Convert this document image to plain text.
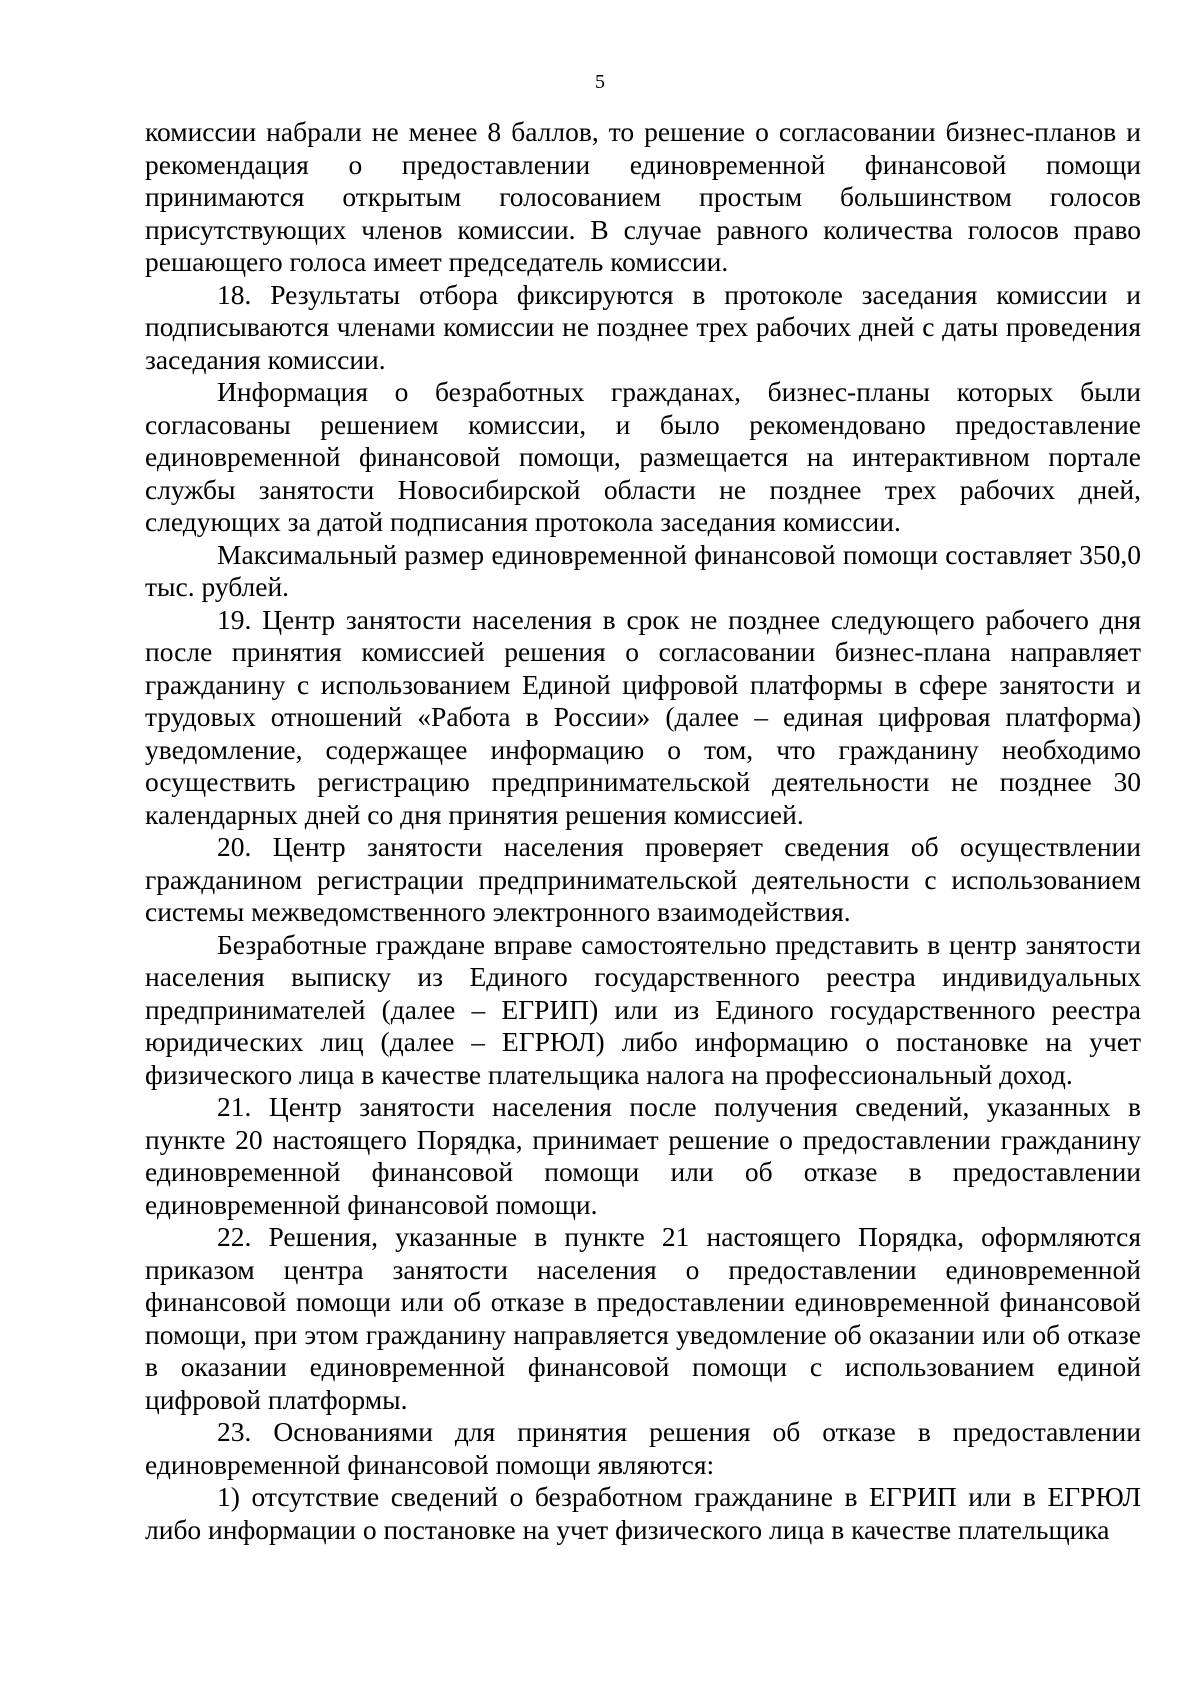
5

комиссии набрали не менее 8 баллов, то решение о согласовании бизнес-планов и рекомендация о предоставлении единовременной финансовой помощи принимаются открытым голосованием простым большинством голосов присутствующих членов комиссии. В случае равного количества голосов право решающего голоса имеет председатель комиссии.

18. Результаты отбора фиксируются в протоколе заседания комиссии и подписываются членами комиссии не позднее трех рабочих дней с даты проведения заседания комиссии.

Информация о безработных гражданах, бизнес-планы которых были согласованы решением комиссии, и было рекомендовано предоставление единовременной финансовой помощи, размещается на интерактивном портале службы занятости Новосибирской области не позднее трех рабочих дней, следующих за датой подписания протокола заседания комиссии.

Максимальный размер единовременной финансовой помощи составляет 350,0 тыс. рублей.

19. Центр занятости населения в срок не позднее следующего рабочего дня после принятия комиссией решения о согласовании бизнес-плана направляет гражданину с использованием Единой цифровой платформы в сфере занятости и трудовых отношений «Работа в России» (далее – единая цифровая платформа) уведомление, содержащее информацию о том, что гражданину необходимо осуществить регистрацию предпринимательской деятельности не позднее 30 календарных дней со дня принятия решения комиссией.

20. Центр занятости населения проверяет сведения об осуществлении гражданином регистрации предпринимательской деятельности с использованием системы межведомственного электронного взаимодействия.

Безработные граждане вправе самостоятельно представить в центр занятости населения выписку из Единого государственного реестра индивидуальных предпринимателей (далее – ЕГРИП) или из Единого государственного реестра юридических лиц (далее – ЕГРЮЛ) либо информацию о постановке на учет физического лица в качестве плательщика налога на профессиональный доход.

21. Центр занятости населения после получения сведений, указанных в пункте 20 настоящего Порядка, принимает решение о предоставлении гражданину единовременной финансовой помощи или об отказе в предоставлении единовременной финансовой помощи.

22. Решения, указанные в пункте 21 настоящего Порядка, оформляются приказом центра занятости населения о предоставлении единовременной финансовой помощи или об отказе в предоставлении единовременной финансовой помощи, при этом гражданину направляется уведомление об оказании или об отказе в оказании единовременной финансовой помощи с использованием единой цифровой платформы.

23. Основаниями для принятия решения об отказе в предоставлении единовременной финансовой помощи являются:

1) отсутствие сведений о безработном гражданине в ЕГРИП или в ЕГРЮЛ либо информации о постановке на учет физического лица в качестве плательщика
